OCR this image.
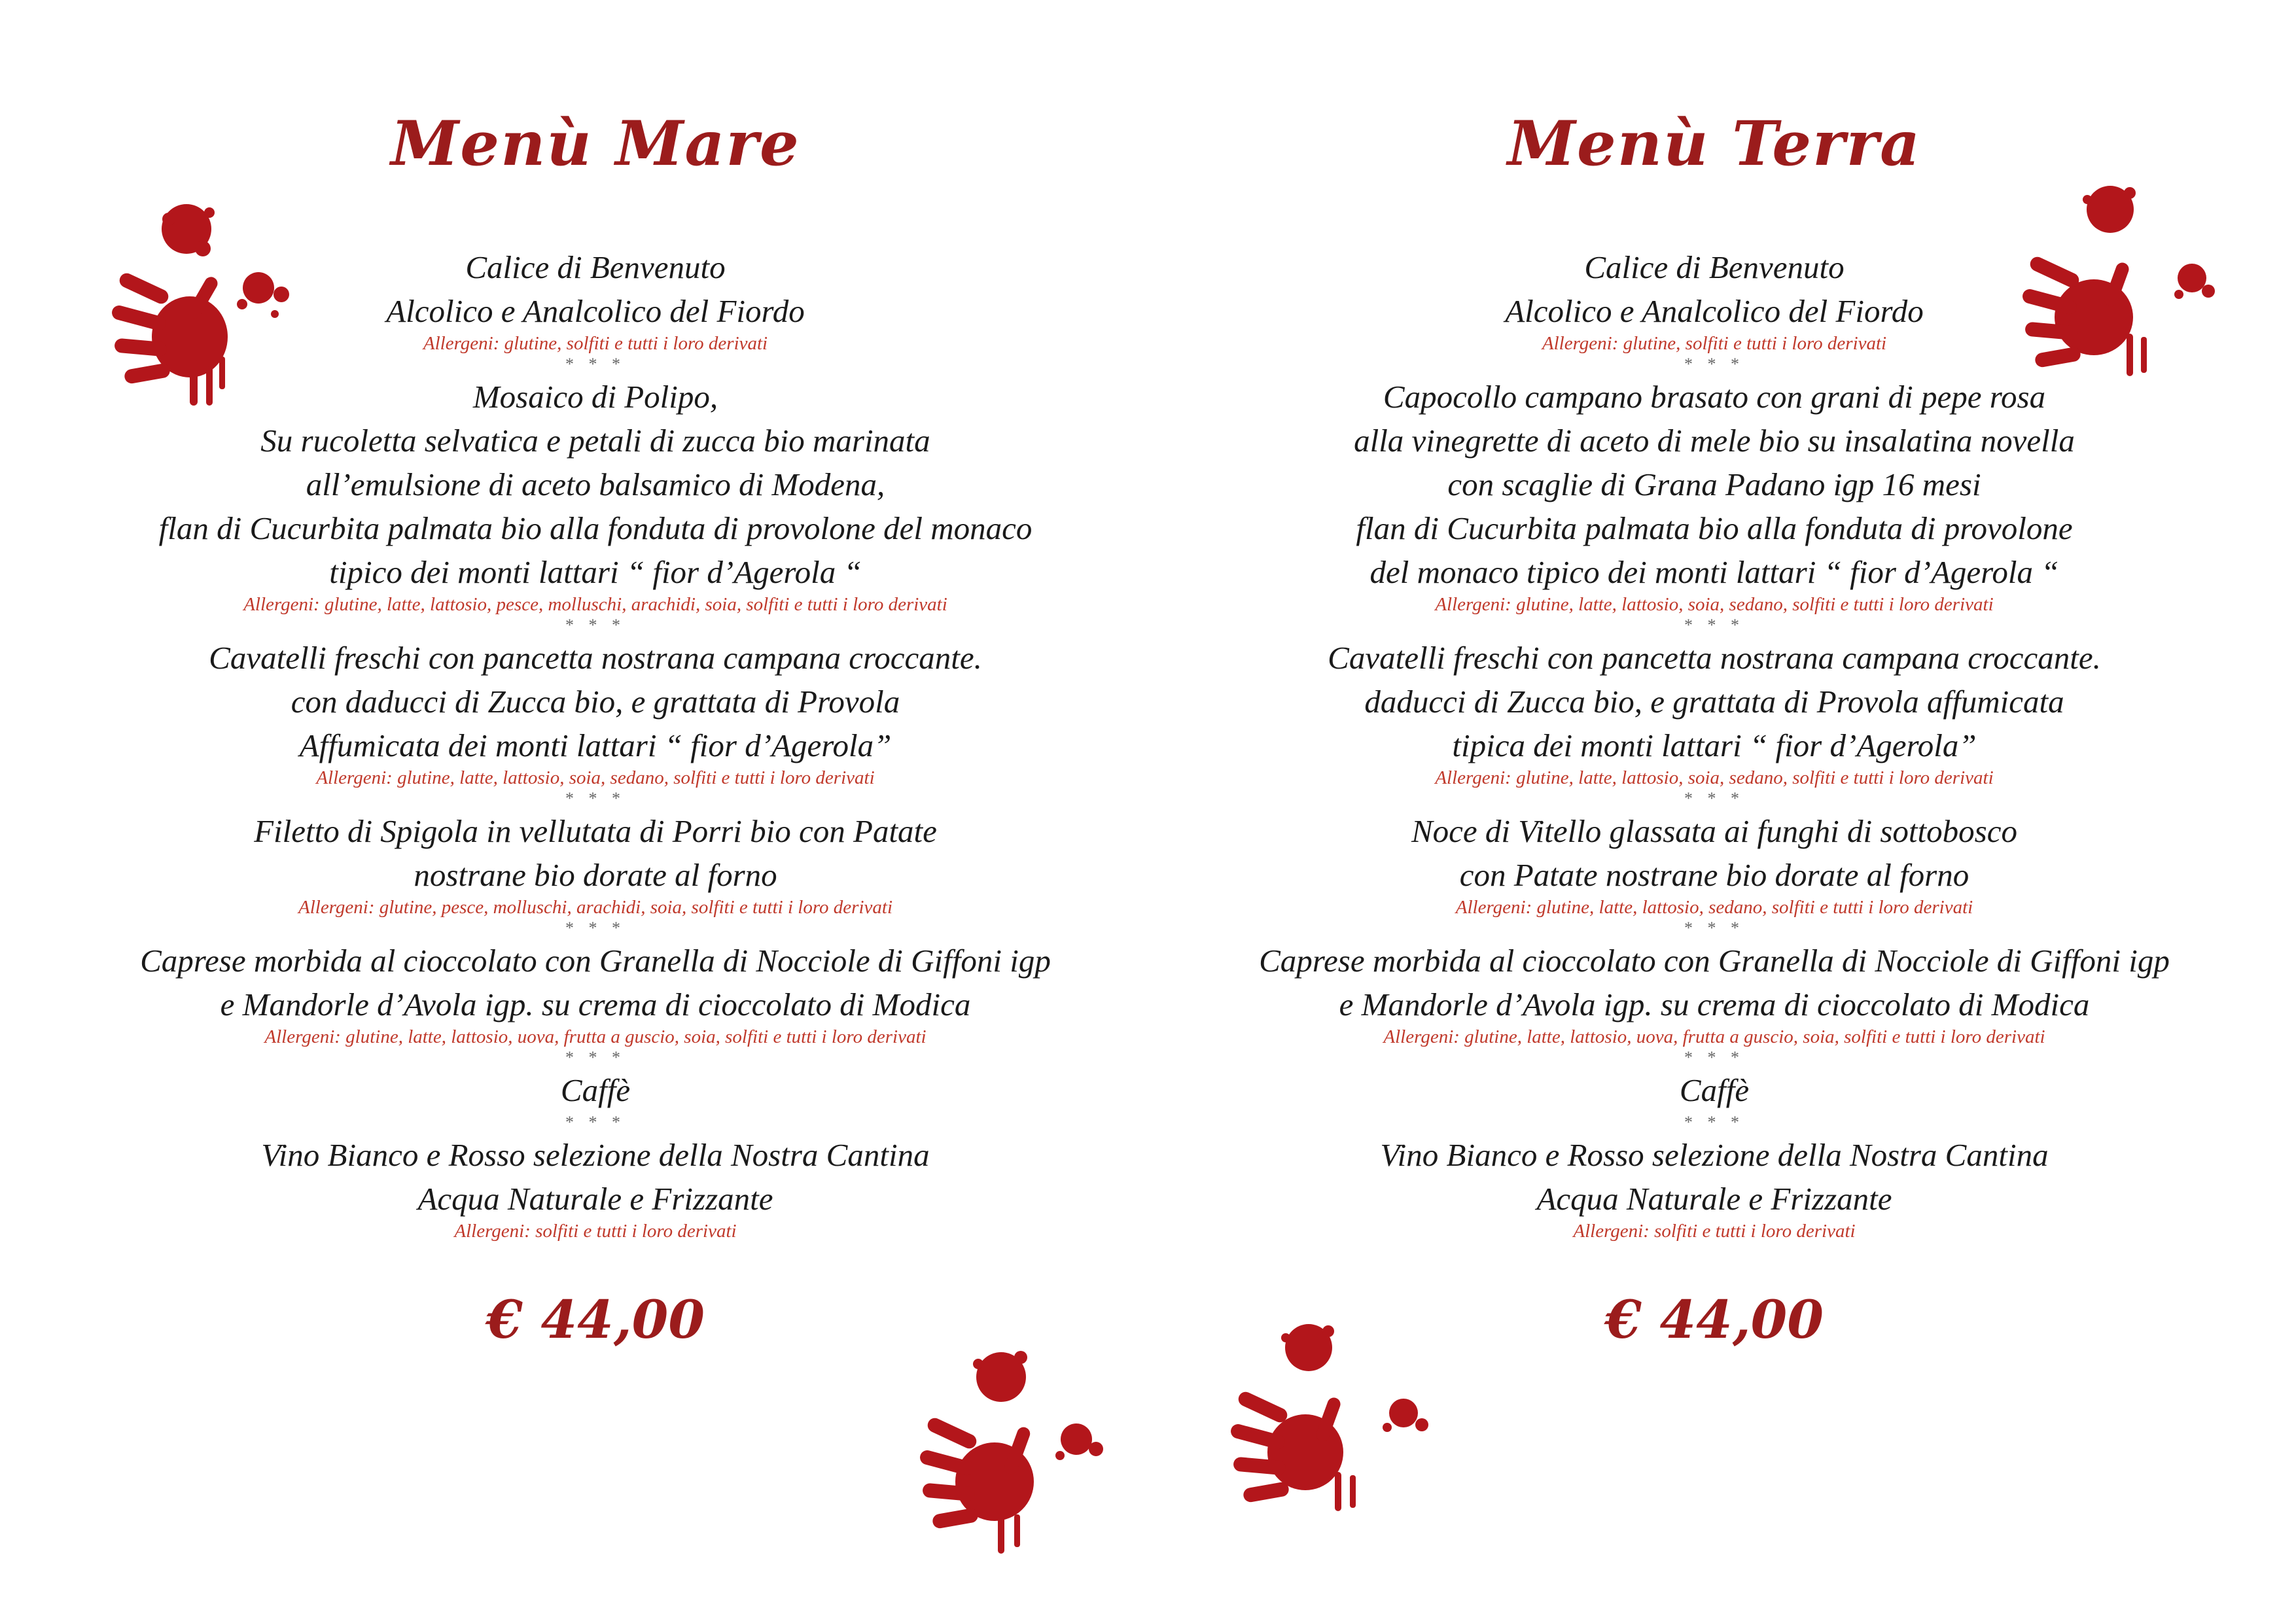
Menù Mare
Calice di Benvenuto
Alcolico e Analcolico del Fiordo
Allergeni: glutine, solfiti e tutti i loro derivati
* * *
Mosaico di Polipo,
Su rucoletta selvatica e petali di zucca bio marinata
all’emulsione di aceto balsamico di Modena,
flan di Cucurbita palmata bio alla fonduta di provolone del monaco
tipico dei monti lattari “ fior d’Agerola “
Allergeni: glutine, latte, lattosio, pesce, molluschi, arachidi, soia, solfiti e tutti i loro derivati
* * *
Cavatelli freschi con pancetta nostrana campana croccante.
con daducci di Zucca bio, e grattata di Provola
Affumicata dei monti lattari “ fior d’Agerola”
Allergeni: glutine, latte, lattosio, soia, sedano, solfiti e tutti i loro derivati
* * *
Filetto di Spigola in vellutata di Porri bio con Patate
nostrane bio dorate al forno
Allergeni: glutine, pesce, molluschi, arachidi, soia, solfiti e tutti i loro derivati
* * *
Caprese morbida al cioccolato con Granella di Nocciole di Giffoni igp
e Mandorle d’Avola igp. su crema di cioccolato di Modica
Allergeni: glutine, latte, lattosio, uova, frutta a guscio, soia, solfiti e tutti i loro derivati
* * *
Caffè
* * *
Vino Bianco e Rosso selezione della Nostra Cantina
Acqua Naturale e Frizzante
Allergeni: solfiti e tutti i loro derivati
€ 44,00
Menù Terra
Calice di Benvenuto
Alcolico e Analcolico del Fiordo
Allergeni: glutine, solfiti e tutti i loro derivati
* * *
Capocollo campano brasato con grani di pepe rosa
alla vinegrette di aceto di mele bio su insalatina novella
con scaglie di Grana Padano igp 16 mesi
flan di Cucurbita palmata bio alla fonduta di provolone
del monaco tipico dei monti lattari “ fior d’Agerola “
Allergeni: glutine, latte, lattosio, soia, sedano, solfiti e tutti i loro derivati
* * *
Cavatelli freschi con pancetta nostrana campana croccante.
daducci di Zucca bio, e grattata di Provola affumicata
tipica dei monti lattari “ fior d’Agerola”
Allergeni: glutine, latte, lattosio, soia, sedano, solfiti e tutti i loro derivati
* * *
Noce di Vitello glassata ai funghi di sottobosco
con Patate nostrane bio dorate al forno
Allergeni: glutine, latte, lattosio, sedano, solfiti e tutti i loro derivati
* * *
Caprese morbida al cioccolato con Granella di Nocciole di Giffoni igp
e Mandorle d’Avola igp. su crema di cioccolato di Modica
Allergeni: glutine, latte, lattosio, uova, frutta a guscio, soia, solfiti e tutti i loro derivati
* * *
Caffè
* * *
Vino Bianco e Rosso selezione della Nostra Cantina
Acqua Naturale e Frizzante
Allergeni: solfiti e tutti i loro derivati
€ 44,00
